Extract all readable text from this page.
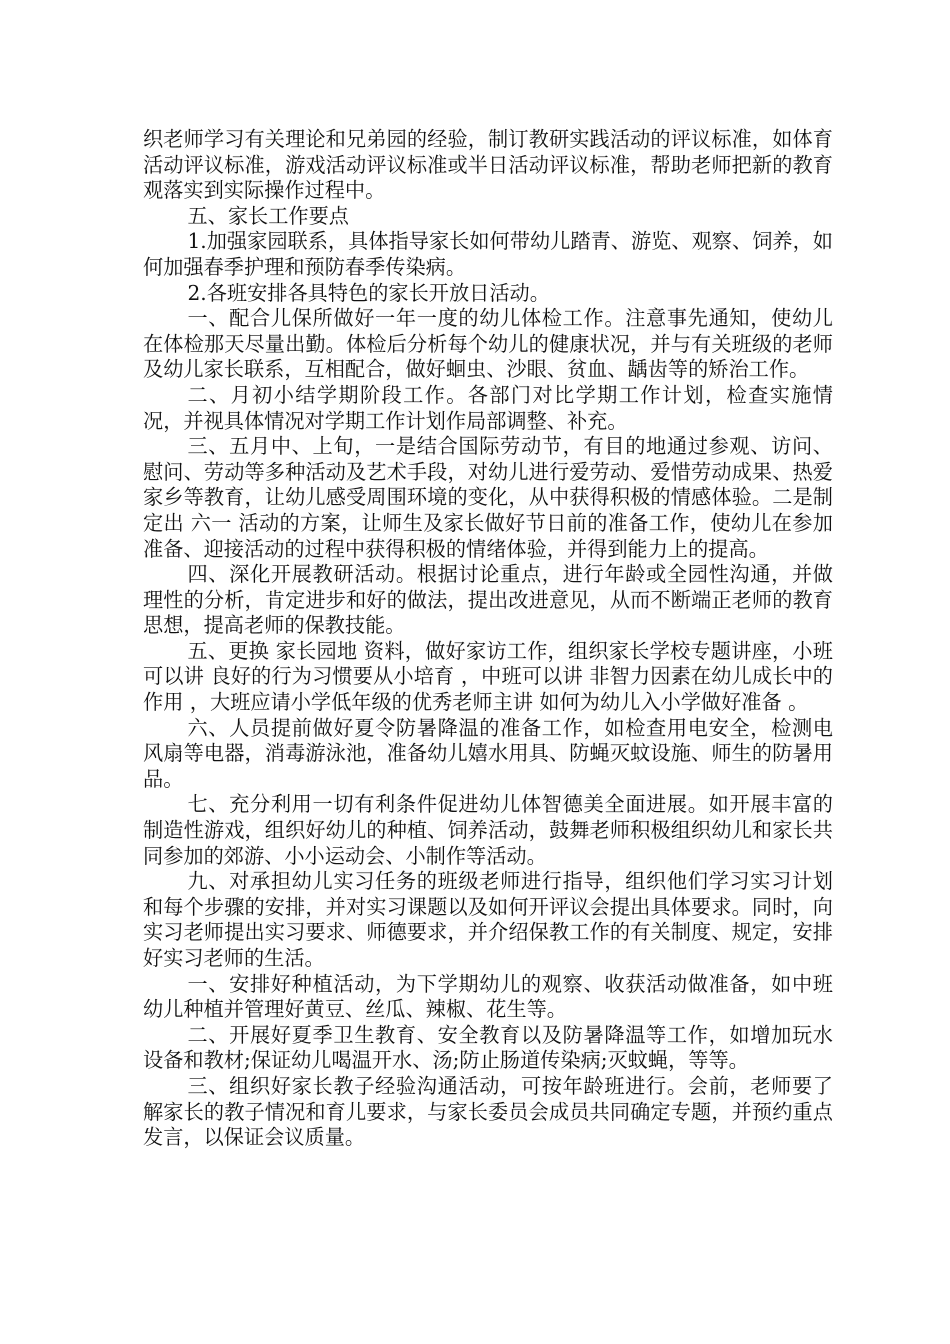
织老师学习有关理论和兄弟园的经验，制订教研实践活动的评议标准，如体育活动评议标准，游戏活动评议标准或半日活动评议标准，帮助老师把新的教育观落实到实际操作过程中。

五、家长工作要点

1.加强家园联系，具体指导家长如何带幼儿踏青、游览、观察、饲养，如何加强春季护理和预防春季传染病。

2.各班安排各具特色的家长开放日活动。

一、配合儿保所做好一年一度的幼儿体检工作。注意事先通知，使幼儿在体检那天尽量出勤。体检后分析每个幼儿的健康状况，并与有关班级的老师及幼儿家长联系，互相配合，做好蛔虫、沙眼、贫血、龋齿等的矫治工作。

二、月初小结学期阶段工作。各部门对比学期工作计划，检查实施情况，并视具体情况对学期工作计划作局部调整、补充。

三、五月中、上旬，一是结合国际劳动节，有目的地通过参观、访问、慰问、劳动等多种活动及艺术手段，对幼儿进行爱劳动、爱惜劳动成果、热爱家乡等教育，让幼儿感受周围环境的变化，从中获得积极的情感体验。二是制定出 六一 活动的方案，让师生及家长做好节日前的准备工作，使幼儿在参加准备、迎接活动的过程中获得积极的情绪体验，并得到能力上的提高。

四、深化开展教研活动。根据讨论重点，进行年龄或全园性沟通，并做理性的分析，肯定进步和好的做法，提出改进意见，从而不断端正老师的教育思想，提高老师的保教技能。

五、更换 家长园地 资料，做好家访工作，组织家长学校专题讲座，小班可以讲 良好的行为习惯要从小培育 ，中班可以讲 非智力因素在幼儿成长中的作用 ，大班应请小学低年级的优秀老师主讲 如何为幼儿入小学做好准备 。

六、人员提前做好夏令防暑降温的准备工作，如检查用电安全，检测电风扇等电器，消毒游泳池，准备幼儿嬉水用具、防蝇灭蚊设施、师生的防暑用品。

七、充分利用一切有利条件促进幼儿体智德美全面进展。如开展丰富的制造性游戏，组织好幼儿的种植、饲养活动，鼓舞老师积极组织幼儿和家长共同参加的郊游、小小运动会、小制作等活动。

九、对承担幼儿实习任务的班级老师进行指导，组织他们学习实习计划和每个步骤的安排，并对实习课题以及如何开评议会提出具体要求。同时，向实习老师提出实习要求、师德要求，并介绍保教工作的有关制度、规定，安排好实习老师的生活。

一、安排好种植活动，为下学期幼儿的观察、收获活动做准备，如中班幼儿种植并管理好黄豆、丝瓜、辣椒、花生等。

二、开展好夏季卫生教育、安全教育以及防暑降温等工作，如增加玩水设备和教材;保证幼儿喝温开水、汤;防止肠道传染病;灭蚊蝇，等等。

三、组织好家长教子经验沟通活动，可按年龄班进行。会前，老师要了解家长的教子情况和育儿要求，与家长委员会成员共同确定专题，并预约重点发言，以保证会议质量。
